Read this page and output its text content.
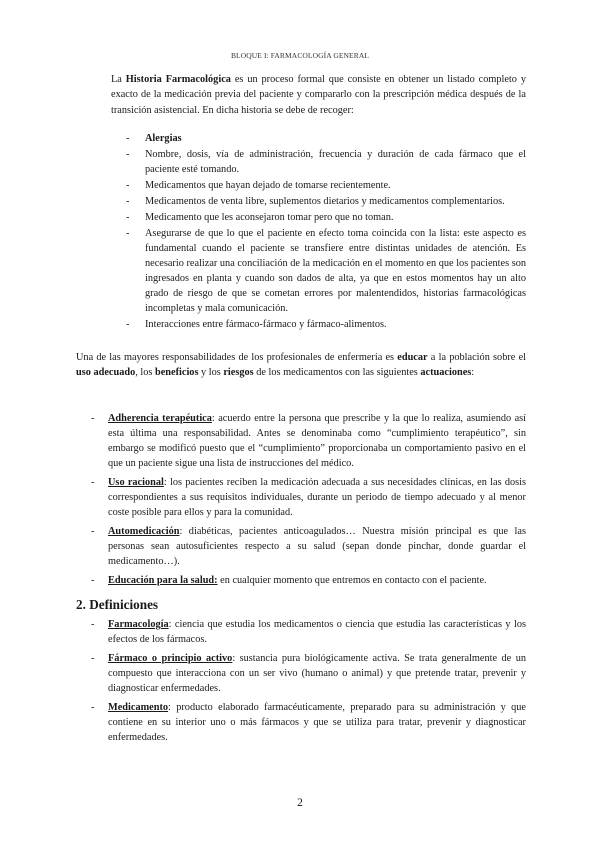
BLOQUE I: FARMACOLOGÍA GENERAL

La Historia Farmacológica es un proceso formal que consiste en obtener un listado completo y exacto de la medicación previa del paciente y compararlo con la prescripción médica después de la transición asistencial. En dicha historia se debe de recoger:

- Alergias
- Nombre, dosis, vía de administración, frecuencia y duración de cada fármaco que el paciente esté tomando.
- Medicamentos que hayan dejado de tomarse recientemente.
- Medicamentos de venta libre, suplementos dietarios y medicamentos complementarios.
- Medicamento que les aconsejaron tomar pero que no toman.
- Asegurarse de que lo que el paciente en efecto toma coincida con la lista: este aspecto es fundamental cuando el paciente se transfiere entre distintas unidades de atención. Es necesario realizar una conciliación de la medicación en el momento en que los pacientes son ingresados en planta y cuando son dados de alta, ya que en estos momentos hay un alto grado de riesgo de que se cometan errores por malentendidos, historias farmacológicas incompletas y mala comunicación.
- Interacciones entre fármaco-fármaco y fármaco-alimentos.

Una de las mayores responsabilidades de los profesionales de enfermería es educar a la población sobre el uso adecuado, los beneficios y los riesgos de los medicamentos con las siguientes actuaciones:

- Adherencia terapéutica: acuerdo entre la persona que prescribe y la que lo realiza, asumiendo así esta última una responsabilidad. Antes se denominaba como “cumplimiento terapéutico”, sin embargo se modificó puesto que el “cumplimiento” proporcionaba un comportamiento pasivo en el que un paciente sigue una lista de instrucciones del médico.
- Uso racional: los pacientes reciben la medicación adecuada a sus necesidades clínicas, en las dosis correspondientes a sus requisitos individuales, durante un periodo de tiempo adecuado y al menor coste posible para ellos y para la comunidad.
- Automedicación: diabéticas, pacientes anticoagulados… Nuestra misión principal es que las personas sean autosuficientes respecto a su salud (sepan donde pinchar, donde guardar el medicamento…).
- Educación para la salud: en cualquier momento que entremos en contacto con el paciente.
2. Definiciones
- Farmacología: ciencia que estudia los medicamentos o ciencia que estudia las características y los efectos de los fármacos.
- Fármaco o principio activo: sustancia pura biológicamente activa. Se trata generalmente de un compuesto que interacciona con un ser vivo (humano o animal) y que pretende tratar, prevenir y diagnosticar enfermedades.
- Medicamento: producto elaborado farmacéuticamente, preparado para su administración y que contiene en su interior uno o más fármacos y que se utiliza para tratar, prevenir y diagnosticar enfermedades.
2
